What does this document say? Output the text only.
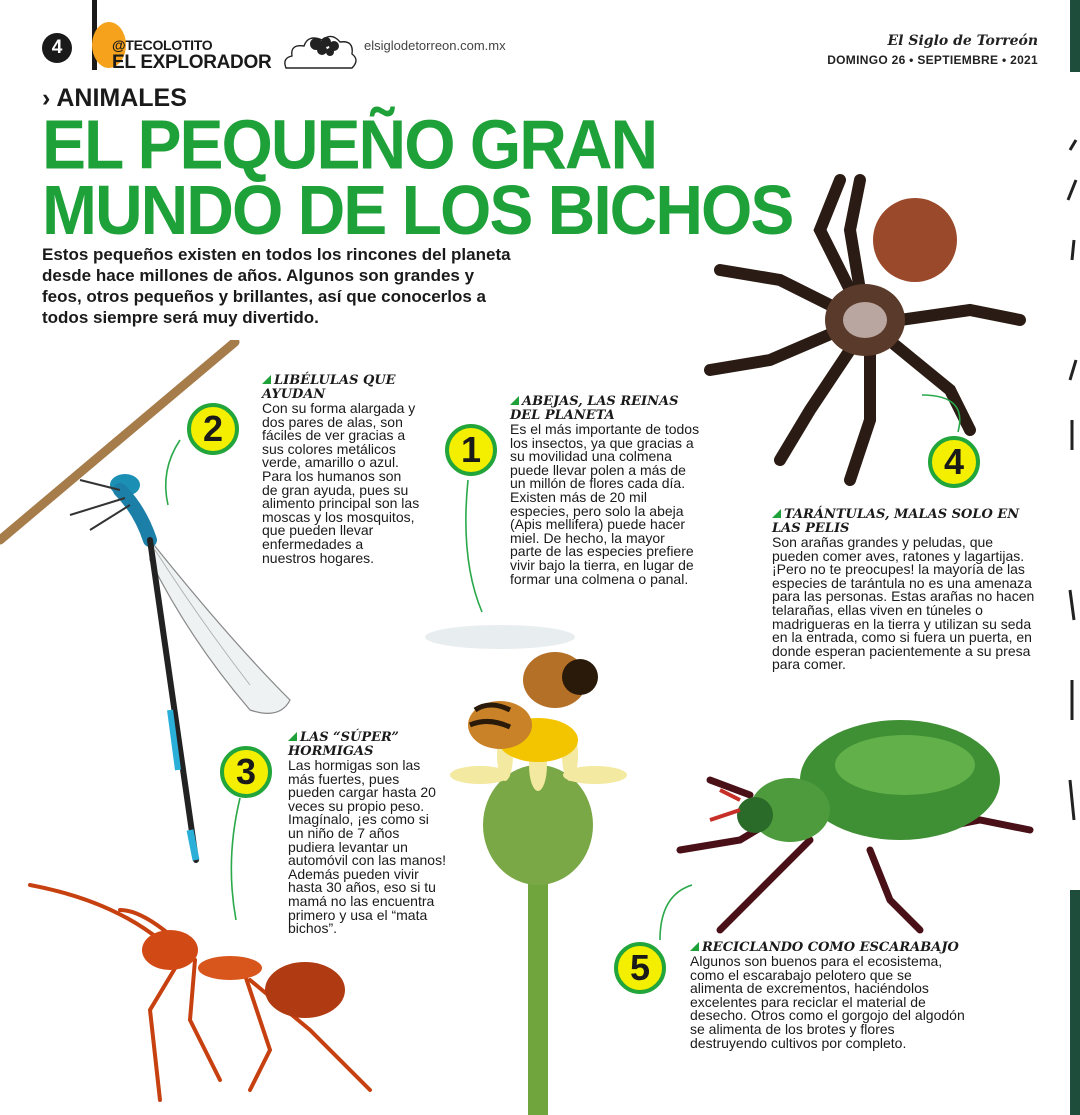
4	@TECOLOTITO
EL EXPLORADOR
elsiglodetorreon.com.mx	El Siglo de Torreón
DOMINGO 26 • SEPTIEMBRE • 2021
› ANIMALES
EL PEQUEÑO GRAN
MUNDO DE LOS BICHOS
Estos pequeños existen en todos los rincones del planeta desde hace millones de años. Algunos son grandes y feos, otros pequeños y brillantes, así que conocerlos a todos siempre será muy divertido.
2
LIBÉLULAS QUE AYUDAN
Con su forma alargada y dos pares de alas, son fáciles de ver gracias a sus colores metálicos verde, amarillo o azul. Para los humanos son de gran ayuda, pues su alimento principal son las moscas y los mosquitos, que pueden llevar enfermedades a nuestros hogares.
1
ABEJAS, LAS REINAS DEL PLANETA
Es el más importante de todos los insectos, ya que gracias a su movilidad una colmena puede llevar polen a más de un millón de flores cada día. Existen más de 20 mil especies, pero solo la abeja (Apis mellifera) puede hacer miel. De hecho, la mayor parte de las especies prefiere vivir bajo la tierra, en lugar de formar una colmena o panal.
4
TARÁNTULAS, MALAS SOLO EN LAS PELIS
Son arañas grandes y peludas, que pueden comer aves, ratones y lagartijas. ¡Pero no te preocupes! la mayoría de las especies de tarántula no es una amenaza para las personas. Estas arañas no hacen telarañas, ellas viven en túneles o madrigueras en la tierra y utilizan su seda en la entrada, como si fuera un puerta, en donde esperan pacientemente a su presa para comer.
3
LAS “SÚPER” HORMIGAS
Las hormigas son las más fuertes, pues pueden cargar hasta 20 veces su propio peso. Imagínalo, ¡es como si un niño de 7 años pudiera levantar un automóvil con las manos! Además pueden vivir hasta 30 años, eso si tu mamá no las encuentra primero y usa el “mata bichos”.
5	RECICLANDO COMO ESCARABAJO
Algunos son buenos para el ecosistema, como el escarabajo pelotero que se alimenta de excrementos, haciéndolos excelentes para reciclar el material de desecho. Otros como el gorgojo del algodón se alimenta de los brotes y flores destruyendo cultivos por completo.
